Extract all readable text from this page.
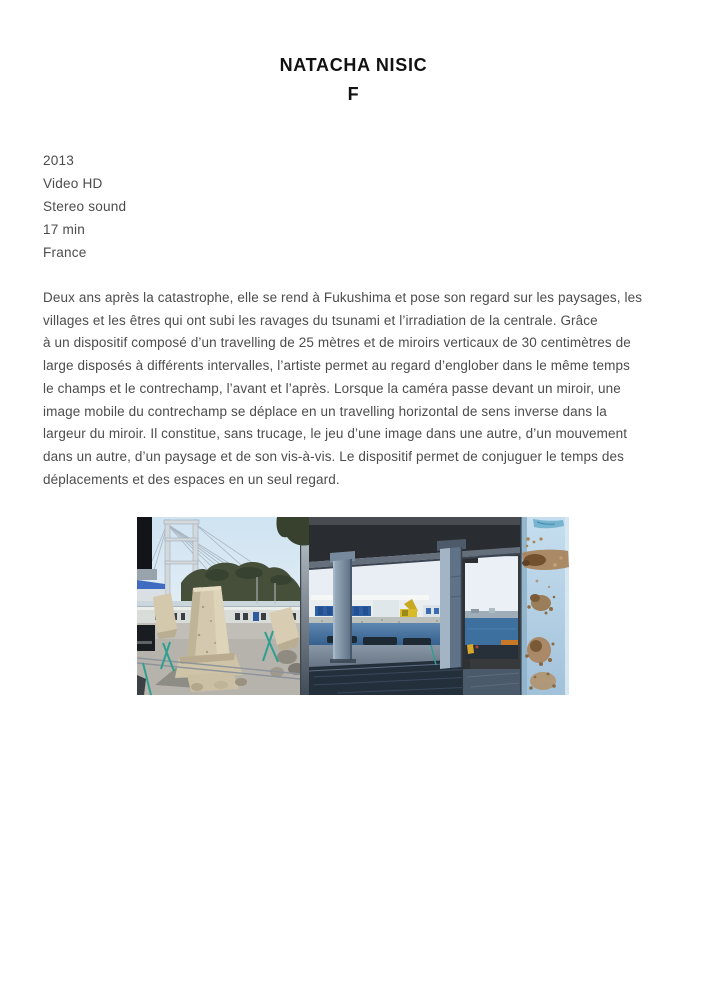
NATACHA NISIC
F
2013
Video HD
Stereo sound
17 min
France
Deux ans après la catastrophe, elle se rend à Fukushima et pose son regard sur les paysages, les
villages et les êtres qui ont subi les ravages du tsunami et l’irradiation de la centrale. Grâce
à un dispositif composé d’un travelling de 25 mètres et de miroirs verticaux de 30 centimètres de
large disposés à différents intervalles, l’artiste permet au regard d’englober dans le même temps
le champs et le contrechamp, l’avant et l’après. Lorsque la caméra passe devant un miroir, une
image mobile du contrechamp se déplace en un travelling horizontal de sens inverse dans la
largeur du miroir. Il constitue, sans trucage, le jeu d’une image dans une autre, d’un mouvement
dans un autre, d’un paysage et de son vis-à-vis. Le dispositif permet de conjuguer le temps des
déplacements et des espaces en un seul regard.
